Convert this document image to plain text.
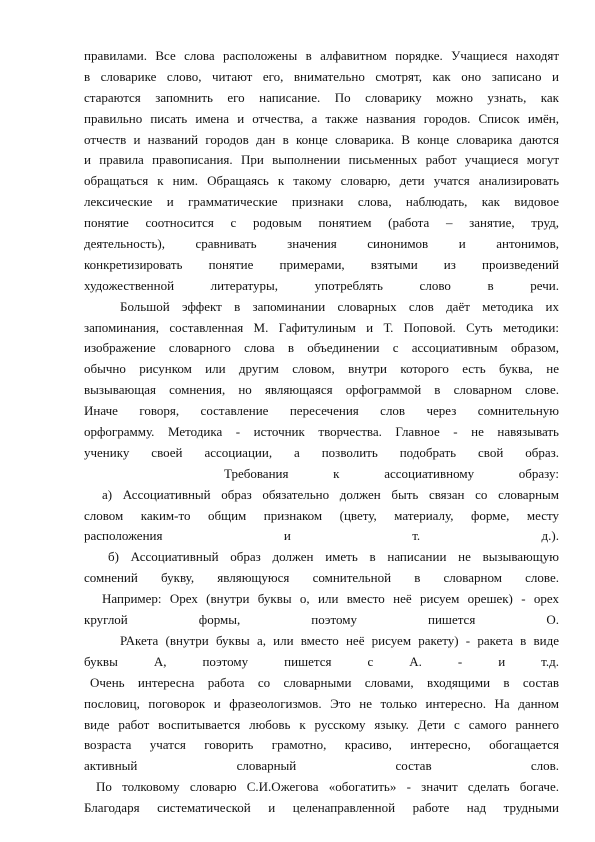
правилами. Все слова расположены в алфавитном порядке. Учащиеся находят
в словарике слово, читают его, внимательно смотрят, как оно записано и
стараются запомнить его написание. По словарику можно узнать, как
правильно писать имена и отчества, а также названия городов. Список имён,
отчеств и названий городов дан в конце словарика. В конце словарика даются
и правила правописания. При выполнении письменных работ учащиеся могут
обращаться к ним. Обращаясь к такому словарю, дети учатся анализировать
лексические и грамматические признаки слова, наблюдать, как видовое
понятие соотносится с родовым понятием (работа – занятие, труд,
деятельность), сравнивать значения синонимов и антонимов,
конкретизировать понятие примерами, взятыми из произведений
художественной литературы, употреблять слово в речи.
Большой эффект в запоминании словарных слов даёт методика их
запоминания, составленная М. Гафитулиным и Т. Поповой. Суть методики:
изображение словарного слова в объединении с ассоциативным образом,
обычно рисунком или другим словом, внутри которого есть буква, не
вызывающая сомнения, но являющаяся орфограммой в словарном слове.
Иначе говоря, составление пересечения слов через сомнительную
орфограмму. Методика - источник творчества. Главное - не навязывать
ученику своей ассоциации, а позволить подобрать свой образ.
Требования к ассоциативному образу:
а) Ассоциативный образ обязательно должен быть связан со словарным
словом каким-то общим признаком (цвету, материалу, форме, месту
расположения и т. д.).
б) Ассоциативный образ должен иметь в написании не вызывающую
сомнений букву, являющуюся сомнительной в словарном слове.
Например: Орех (внутри буквы о, или вместо неё рисуем орешек) - орех
круглой формы, поэтому пишется О.
РАкета (внутри буквы а, или вместо неё рисуем ракету) - ракета в виде
буквы А, поэтому пишется с А. - и т.д.
Очень интересна работа со словарными словами, входящими в состав
пословиц, поговорок и фразеологизмов. Это не только интересно. На данном
виде работ воспитывается любовь к русскому языку. Дети с самого раннего
возраста учатся говорить грамотно, красиво, интересно, обогащается
активный словарный состав слов.
По толковому словарю С.И.Ожегова «обогатить» - значит сделать богаче.
Благодаря систематической и целенаправленной работе над трудными
